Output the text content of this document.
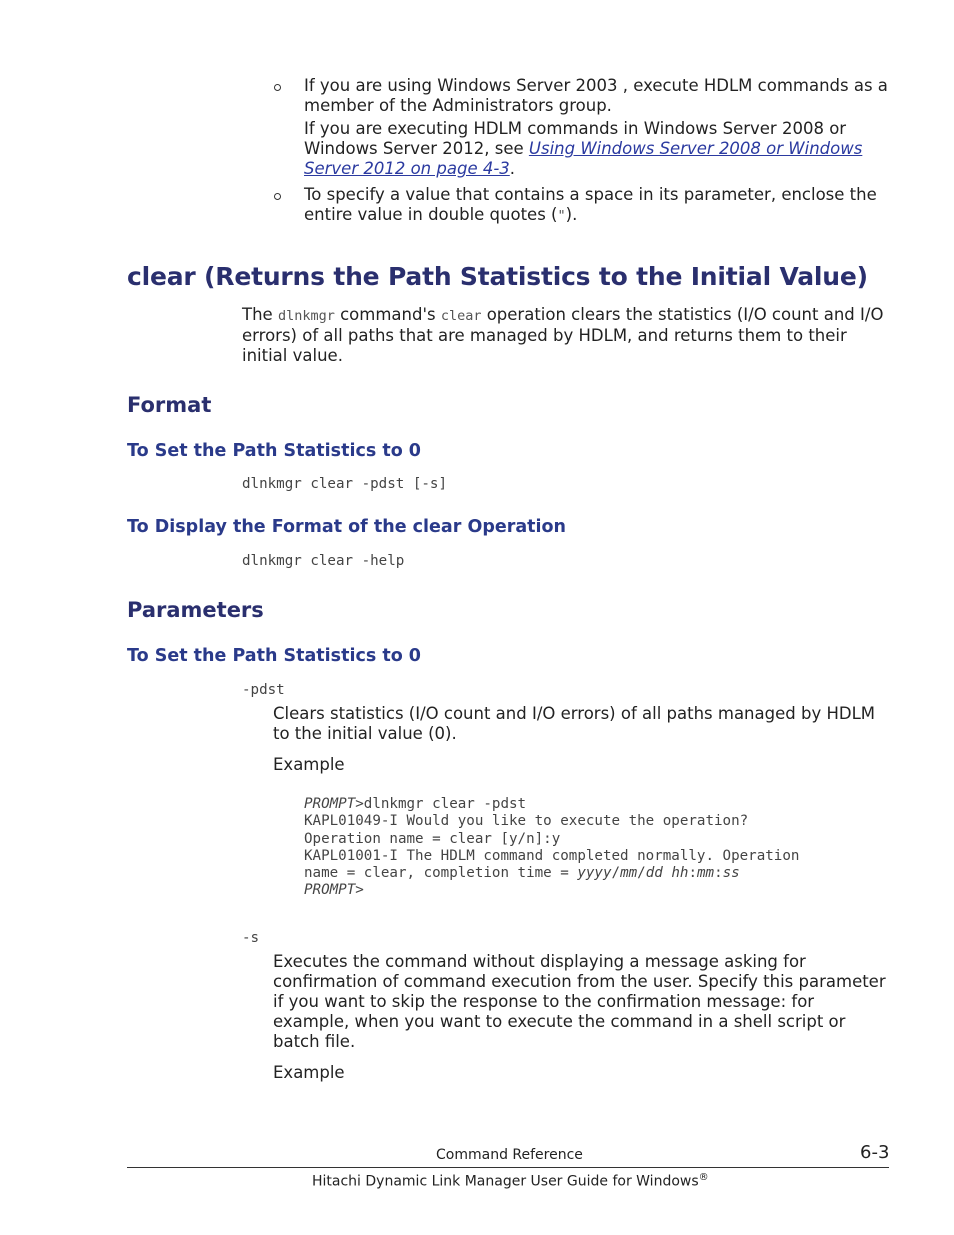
If you are using Windows Server 2003 , execute HDLM commands as a member of the Administrators group.
If you are executing HDLM commands in Windows Server 2008 or Windows Server 2012, see Using Windows Server 2008 or Windows Server 2012 on page 4-3.
To specify a value that contains a space in its parameter, enclose the entire value in double quotes (").
clear (Returns the Path Statistics to the Initial Value)
The dlnkmgr command's clear operation clears the statistics (I/O count and I/O errors) of all paths that are managed by HDLM, and returns them to their initial value.
Format
To Set the Path Statistics to 0
dlnkmgr clear -pdst [-s]
To Display the Format of the clear Operation
dlnkmgr clear -help
Parameters
To Set the Path Statistics to 0
-pdst
Clears statistics (I/O count and I/O errors) of all paths managed by HDLM to the initial value (0).
Example
PROMPT>dlnkmgr clear -pdst
KAPL01049-I Would you like to execute the operation?
Operation name = clear [y/n]:y
KAPL01001-I The HDLM command completed normally. Operation
name = clear, completion time = yyyy/mm/dd hh:mm:ss
PROMPT>
-s
Executes the command without displaying a message asking for confirmation of command execution from the user. Specify this parameter if you want to skip the response to the confirmation message: for example, when you want to execute the command in a shell script or batch file.
Example
Command Reference	6-3
Hitachi Dynamic Link Manager User Guide for Windows®
